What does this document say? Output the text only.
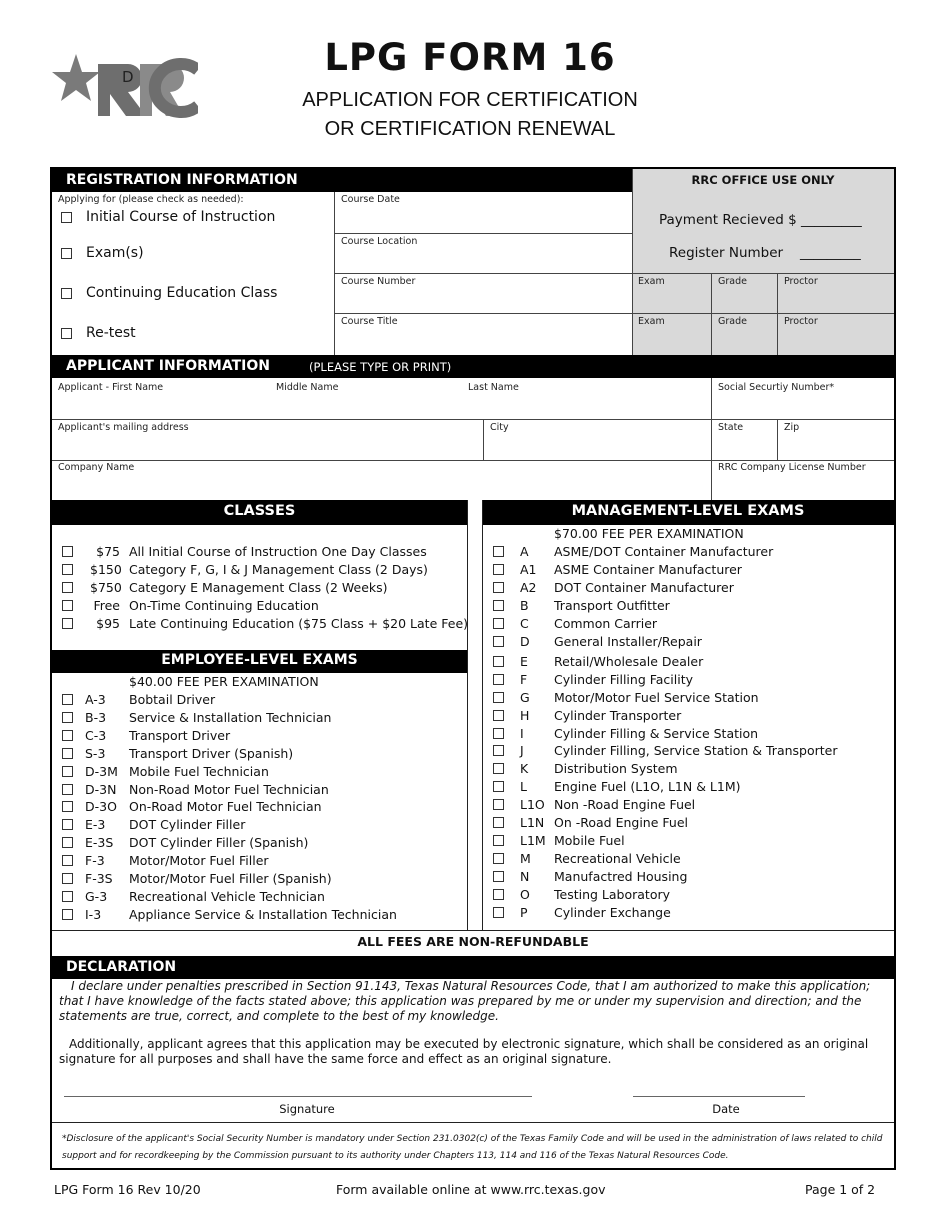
D	LPG FORM 16
APPLICATION FOR CERTIFICATION
OR CERTIFICATION RENEWAL
REGISTRATION INFORMATION
Applying for (please check as needed):
Initial Course of Instruction
Exam(s)
Continuing Education Class
Re-test
Course Date
Course Location
Course Number
Course Title
RRC OFFICE USE ONLY
Payment Recieved $ _________
Register Number _________
Exam	Grade	Proctor
Exam	Grade	Proctor
APPLICANT INFORMATION	(PLEASE TYPE OR PRINT)
Applicant - First Name	Middle Name	Last Name	Social Securtiy Number*
Applicant's mailing address	City	State	Zip
Company Name	RRC Company License Number
CLASSES	MANAGEMENT-LEVEL EXAMS
$75 All Initial Course of Instruction One Day Classes
$150 Category F, G, I & J Management Class (2 Days)
$750 Category E Management Class (2 Weeks)
Free On-Time Continuing Education
$95 Late Continuing Education ($75 Class + $20 Late Fee)
EMPLOYEE-LEVEL EXAMS
$40.00 FEE PER EXAMINATION
A-3 Bobtail Driver
B-3 Service & Installation Technician
C-3 Transport Driver
S-3 Transport Driver (Spanish)
D-3M Mobile Fuel Technician
D-3N Non-Road Motor Fuel Technician
D-3O On-Road Motor Fuel Technician
E-3 DOT Cylinder Filler
E-3S DOT Cylinder Filler (Spanish)
F-3 Motor/Motor Fuel Filler
F-3S Motor/Motor Fuel Filler (Spanish)
G-3 Recreational Vehicle Technician
I-3 Appliance Service & Installation Technician
$70.00 FEE PER EXAMINATION
A ASME/DOT Container Manufacturer
A1 ASME Container Manufacturer
A2 DOT Container Manufacturer
B Transport Outfitter
C Common Carrier
D General Installer/Repair
E Retail/Wholesale Dealer
F Cylinder Filling Facility
G Motor/Motor Fuel Service Station
H Cylinder Transporter
I Cylinder Filling & Service Station
J Cylinder Filling, Service Station & Transporter
K Distribution System
L Engine Fuel (L1O, L1N & L1M)
L1O Non -Road Engine Fuel
L1N On -Road Engine Fuel
L1M Mobile Fuel
M Recreational Vehicle
N Manufactred Housing
O Testing Laboratory
P Cylinder Exchange
ALL FEES ARE NON-REFUNDABLE
DECLARATION
I declare under penalties prescribed in Section 91.143, Texas Natural Resources Code, that I am authorized to make this application; that I have knowledge of the facts stated above; this application was prepared by me or under my supervision and direction; and the statements are true, correct, and complete to the best of my knowledge.
Additionally, applicant agrees that this application may be executed by electronic signature, which shall be considered as an original signature for all purposes and shall have the same force and effect as an original signature.
Signature	Date
*Disclosure of the applicant's Social Security Number is mandatory under Section 231.0302(c) of the Texas Family Code and will be used in the administration of laws related to child support and for recordkeeping by the Commission pursuant to its authority under Chapters 113, 114 and 116 of the Texas Natural Resources Code.
LPG Form 16 Rev 10/20	Form available online at www.rrc.texas.gov	Page 1 of 2
